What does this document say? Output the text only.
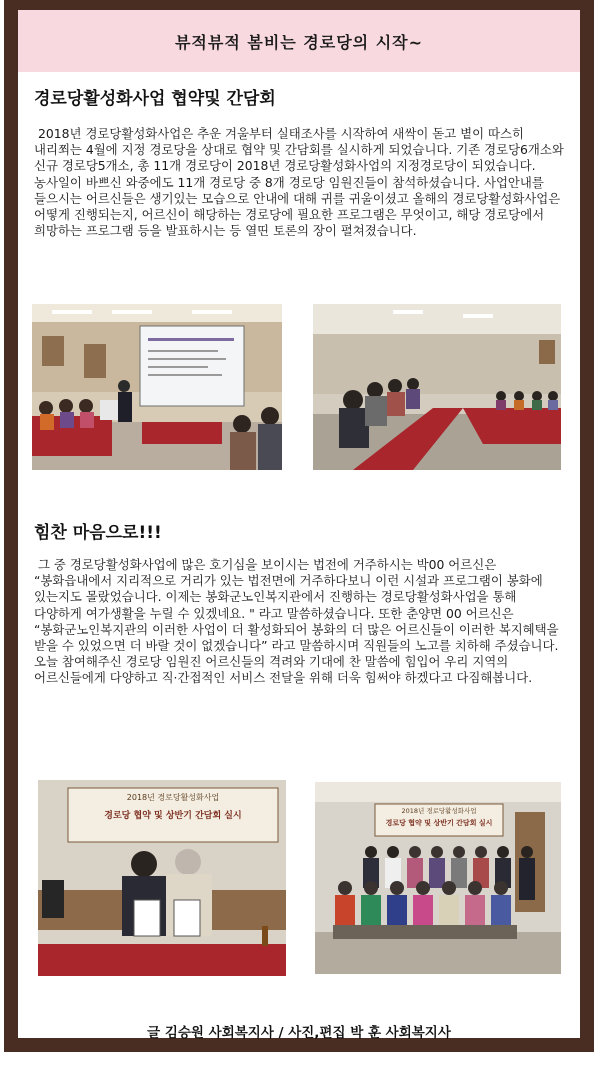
뷰적뷰적 봄비는 경로당의 시작~
경로당활성화사업 협약및 간담회

2018년 경로당활성화사업은 추운 겨울부터 실태조사를 시작하여 새싹이 돋고 볕이 따스히 내리쬐는 4월에 지정 경로당을 상대로 협약 및 간담회를 실시하게 되었습니다. 기존 경로당6개소와 신규 경로당5개소, 총 11개 경로당이 2018년 경로당활성화사업의 지정경로당이 되었습니다. 농사일이 바쁘신 와중에도 11개 경로당 중 8개 경로당 임원진들이 참석하셨습니다. 사업안내를 들으시는 어르신들은 생기있는 모습으로 안내에 대해 귀를 귀울이셨고 올해의 경로당활성화사업은 어떻게 진행되는지, 어르신이 해당하는 경로당에 필요한 프로그램은 무엇이고, 해당 경로당에서 희망하는 프로그램 등을 발표하시는 등 열띤 토론의 장이 펼쳐졌습니다.

힘찬 마음으로!!!

그 중 경로당활성화사업에 많은 호기심을 보이시는 법전에 거주하시는 박00 어르신은 “봉화읍내에서 지리적으로 거리가 있는 법전면에 거주하다보니 이런 시설과 프로그램이 봉화에 있는지도 몰랐었습니다. 이제는 봉화군노인복지관에서 진행하는 경로당활성화사업을 통해 다양하게 여가생활을 누릴 수 있겠네요. " 라고 말씀하셨습니다. 또한 춘양면 00 어르신은 “봉화군노인복지관의 이러한 사업이 더 활성화되어 봉화의 더 많은 어르신들이 이러한 복지혜택을 받을 수 있었으면 더 바랄 것이 없겠습니다” 라고 말씀하시며 직원들의 노고를 치하해 주셨습니다. 오늘 참여해주신 경로당 임원진 어르신들의 격려와 기대에 찬 말씀에 힘입어 우리 지역의 어르신들에게 다양하고 직·간접적인 서비스 전달을 위해 더욱 힘써야 하겠다고 다짐해봅니다.

2018년 경로당활성화사업
경로당 협약 및 상반기 간담회 실시	2018년 경로당활성화사업
경로당 협약 및 상반기 간담회 실시
글 김승원 사회복지사 / 사진,편집 박 훈 사회복지사
